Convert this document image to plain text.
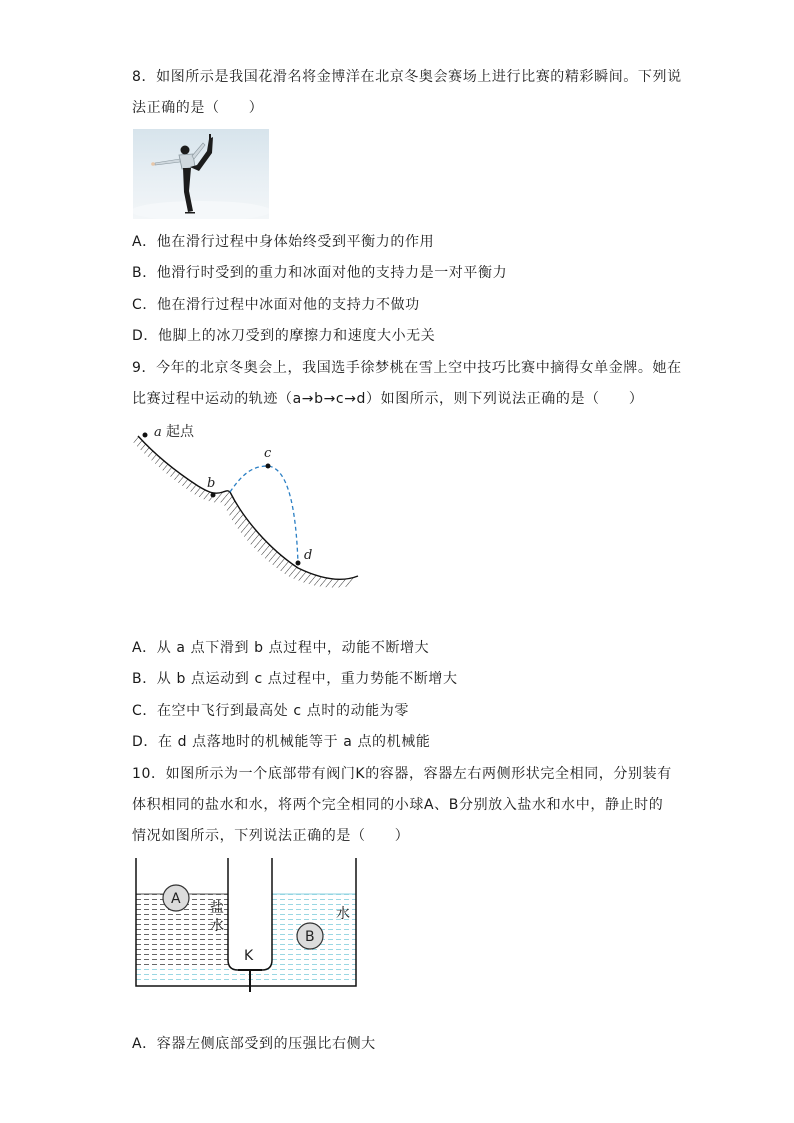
8．如图所示是我国花滑名将金博洋在北京冬奥会赛场上进行比赛的精彩瞬间。下列说
法正确的是（　　）
A．他在滑行过程中身体始终受到平衡力的作用
B．他滑行时受到的重力和冰面对他的支持力是一对平衡力
C．他在滑行过程中冰面对他的支持力不做功
D．他脚上的冰刀受到的摩擦力和速度大小无关
9．今年的北京冬奥会上，我国选手徐梦桃在雪上空中技巧比赛中摘得女单金牌。她在
比赛过程中运动的轨迹（a→b→c→d）如图所示，则下列说法正确的是（　　）
a 起点
b
c
d
A．从 a 点下滑到 b 点过程中，动能不断增大
B．从 b 点运动到 c 点过程中，重力势能不断增大
C．在空中飞行到最高处 c 点时的动能为零
D．在 d 点落地时的机械能等于 a 点的机械能
10．如图所示为一个底部带有阀门K的容器，容器左右两侧形状完全相同，分别装有
体积相同的盐水和水，将两个完全相同的小球A、B分别放入盐水和水中，静止时的
情况如图所示，下列说法正确的是（　　）
K
A
B
盐
水
水
A．容器左侧底部受到的压强比右侧大
